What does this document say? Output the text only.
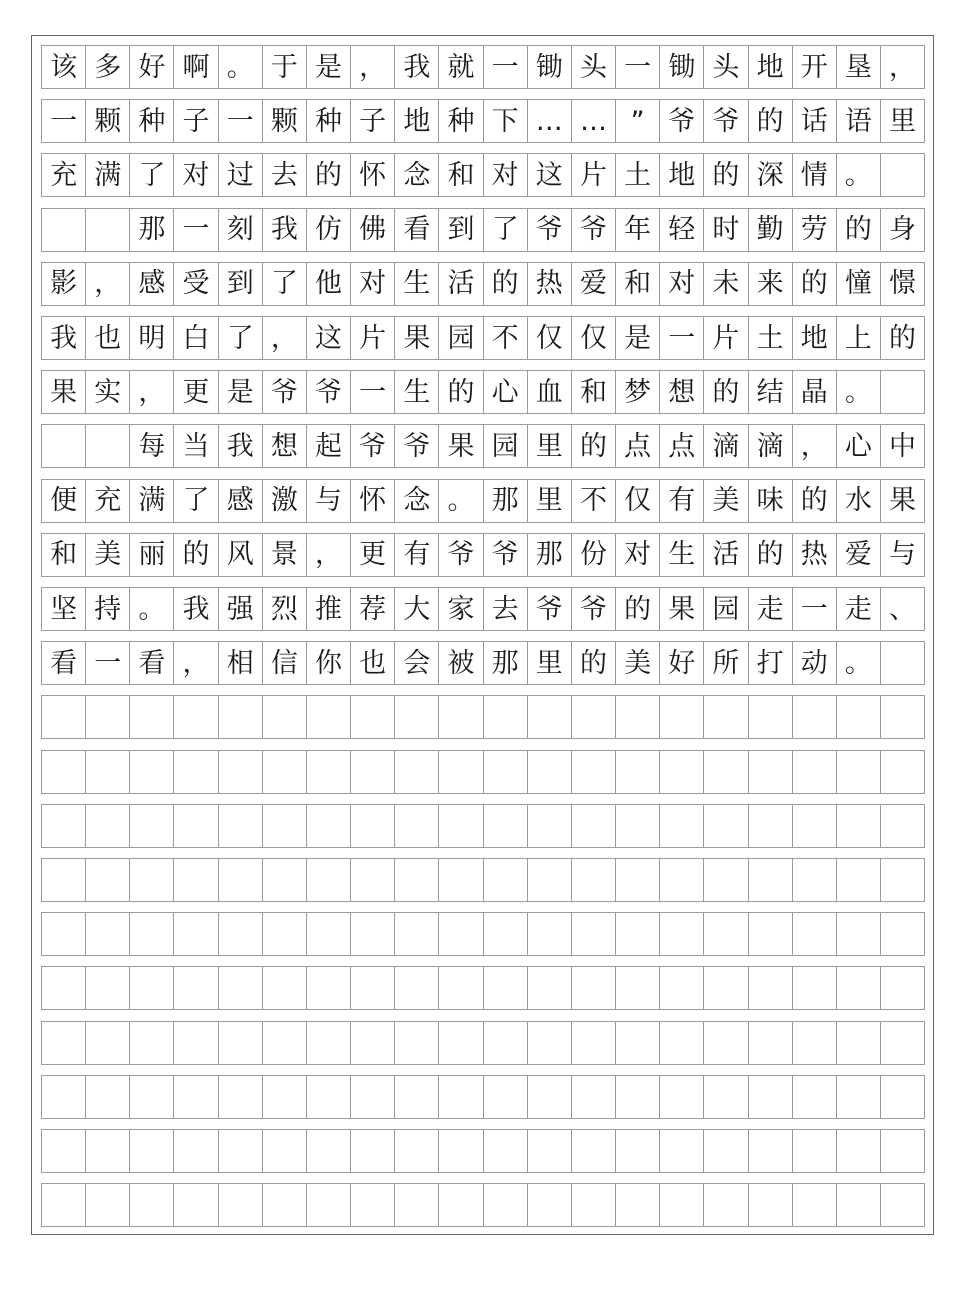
该 多 好 啊 。 于 是 ， 我 就 一 锄 头 一 锄 头 地 开 垦 ，
一 颗 种 子 一 颗 种 子 地 种 下 … … ” 爷 爷 的 话 语 里
充 满 了 对 过 去 的 怀 念 和 对 这 片 土 地 的 深 情 。
那 一 刻 我 仿 佛 看 到 了 爷 爷 年 轻 时 勤 劳 的 身
影 ， 感 受 到 了 他 对 生 活 的 热 爱 和 对 未 来 的 憧 憬
我 也 明 白 了 ， 这 片 果 园 不 仅 仅 是 一 片 土 地 上 的
果 实 ， 更 是 爷 爷 一 生 的 心 血 和 梦 想 的 结 晶 。
每 当 我 想 起 爷 爷 果 园 里 的 点 点 滴 滴 ， 心 中
便 充 满 了 感 激 与 怀 念 。 那 里 不 仅 有 美 味 的 水 果
和 美 丽 的 风 景 ， 更 有 爷 爷 那 份 对 生 活 的 热 爱 与
坚 持 。 我 强 烈 推 荐 大 家 去 爷 爷 的 果 园 走 一 走 、
看 一 看 ， 相 信 你 也 会 被 那 里 的 美 好 所 打 动 。
